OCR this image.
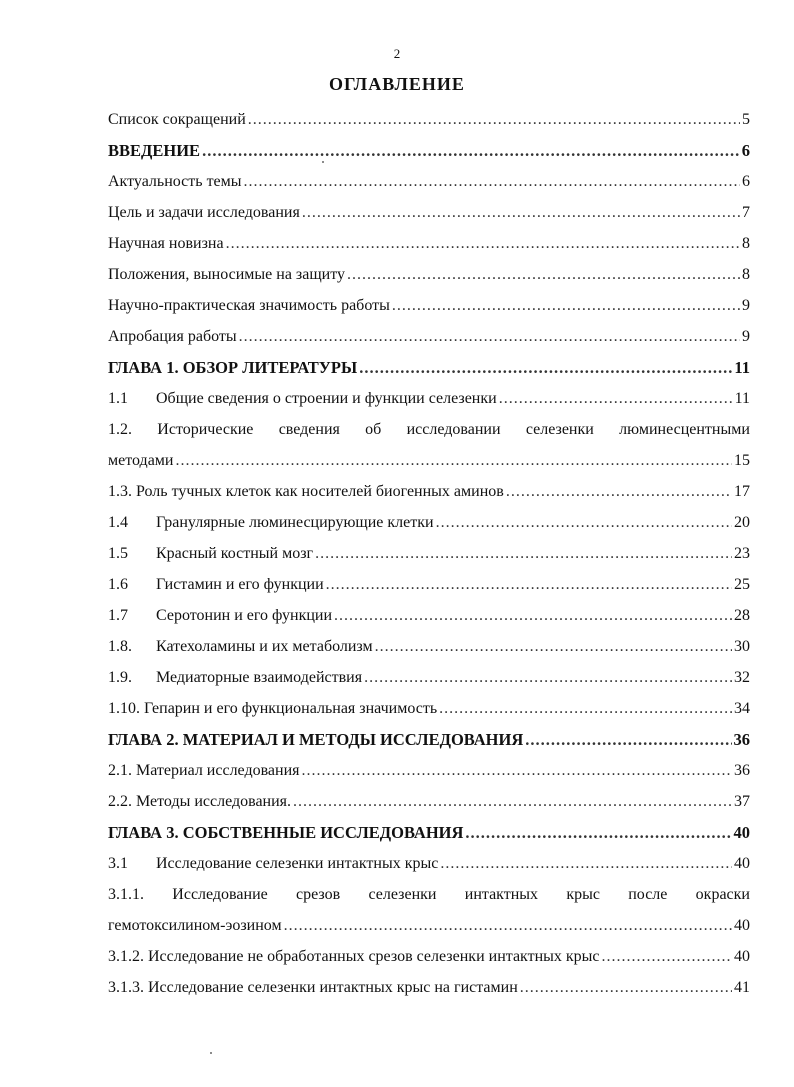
2
ОГЛАВЛЕНИЕ
Список сокращений .....	5
ВВЕДЕНИЕ .....	6
Актуальность темы .....	6
Цель и задачи исследования .....	7
Научная новизна .....	8
Положения, выносимые на защиту .....	8
Научно-практическая значимость работы .....	9
Апробация работы .....	9
ГЛАВА 1. ОБЗОР ЛИТЕРАТУРЫ .....	11
1.1	Общие сведения о строении и функции селезенки .....	11
1.2. Исторические сведения об исследовании селезенки люминесцентными
методами .....	15
1.3. Роль тучных клеток как носителей биогенных аминов .....	17
1.4	Гранулярные люминесцирующие клетки .....	20
1.5	Красный костный мозг .....	23
1.6	Гистамин и его функции .....	25
1.7	Серотонин и его функции .....	28
1.8.	Катехоламины и их метаболизм .....	30
1.9.	Медиаторные взаимодействия .....	32
1.10. Гепарин и его функциональная значимость .....	34
ГЛАВА 2. МАТЕРИАЛ И МЕТОДЫ ИССЛЕДОВАНИЯ .....	36
2.1. Материал исследования .....	36
2.2. Методы исследования. .....	37
ГЛАВА 3. СОБСТВЕННЫЕ ИССЛЕДОВАНИЯ .....	40
3.1	Исследование селезенки интактных крыс .....	40
3.1.1. Исследование срезов селезенки интактных крыс после окраски
гемотоксилином-эозином .....	40
3.1.2. Исследование не обработанных срезов селезенки интактных крыс .....	40
3.1.3. Исследование селезенки интактных крыс на гистамин .....	41
